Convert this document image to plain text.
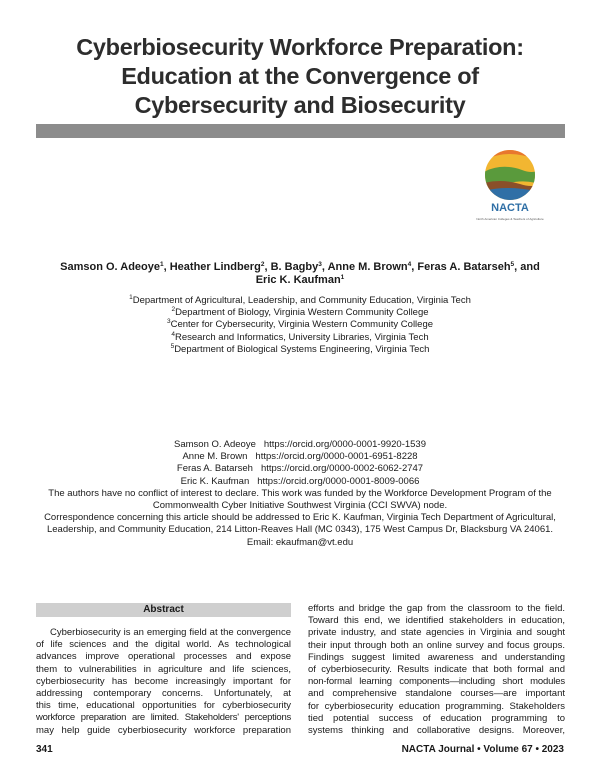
Cyberbiosecurity Workforce Preparation:
Education at the Convergence of
Cybersecurity and Biosecurity
NACTA
North American Colleges & Teachers of Agriculture
Samson O. Adeoye$^1$, Heather Lindberg$^2$, B. Bagby$^3$, Anne M. Brown$^4$, Feras A. Batarseh$^5$, and
Eric K. Kaufman$^1$
$^1$Department of Agricultural, Leadership, and Community Education, Virginia Tech
$^2$Department of Biology, Virginia Western Community College
$^3$Center for Cybersecurity, Virginia Western Community College
$^4$Research and Informatics, University Libraries, Virginia Tech
$^5$Department of Biological Systems Engineering, Virginia Tech
Samson O. Adeoye https://orcid.org/0000-0001-9920-1539
Anne M. Brown https://orcid.org/0000-0001-6951-8228
Feras A. Batarseh https://orcid.org/0000-0002-6062-2747
Eric K. Kaufman https://orcid.org/0000-0001-8009-0066
The authors have no conflict of interest to declare. This work was funded by the Workforce Development Program of the
Commonwealth Cyber Initiative Southwest Virginia (CCI SWVA) node.
Correspondence concerning this article should be addressed to Eric K. Kaufman, Virginia Tech Department of Agricultural,
Leadership, and Community Education, 214 Litton-Reaves Hall (MC 0343), 175 West Campus Dr, Blacksburg VA 24061.
Email: ekaufman@vt.edu
Abstract
Cyberbiosecurity is an emerging field at the convergence
of life sciences and the digital world. As technological
advances improve operational processes and expose
them to vulnerabilities in agriculture and life sciences,
cyberbiosecurity has become increasingly important for
addressing contemporary concerns. Unfortunately, at
this time, educational opportunities for cyberbiosecurity
workforce preparation are limited. Stakeholders' perceptions
may help guide cyberbiosecurity workforce preparation
efforts and bridge the gap from the classroom to the field.
Toward this end, we identified stakeholders in education,
private industry, and state agencies in Virginia and sought
their input through both an online survey and focus groups.
Findings suggest limited awareness and understanding
of cyberbiosecurity. Results indicate that both formal and
non-formal learning components—including short modules
and comprehensive standalone courses—are important
for cyberbiosecurity education programming. Stakeholders
tied potential success of education programming to
systems thinking and collaborative designs. Moreover,
341	NACTA Journal • Volume 67 • 2023
